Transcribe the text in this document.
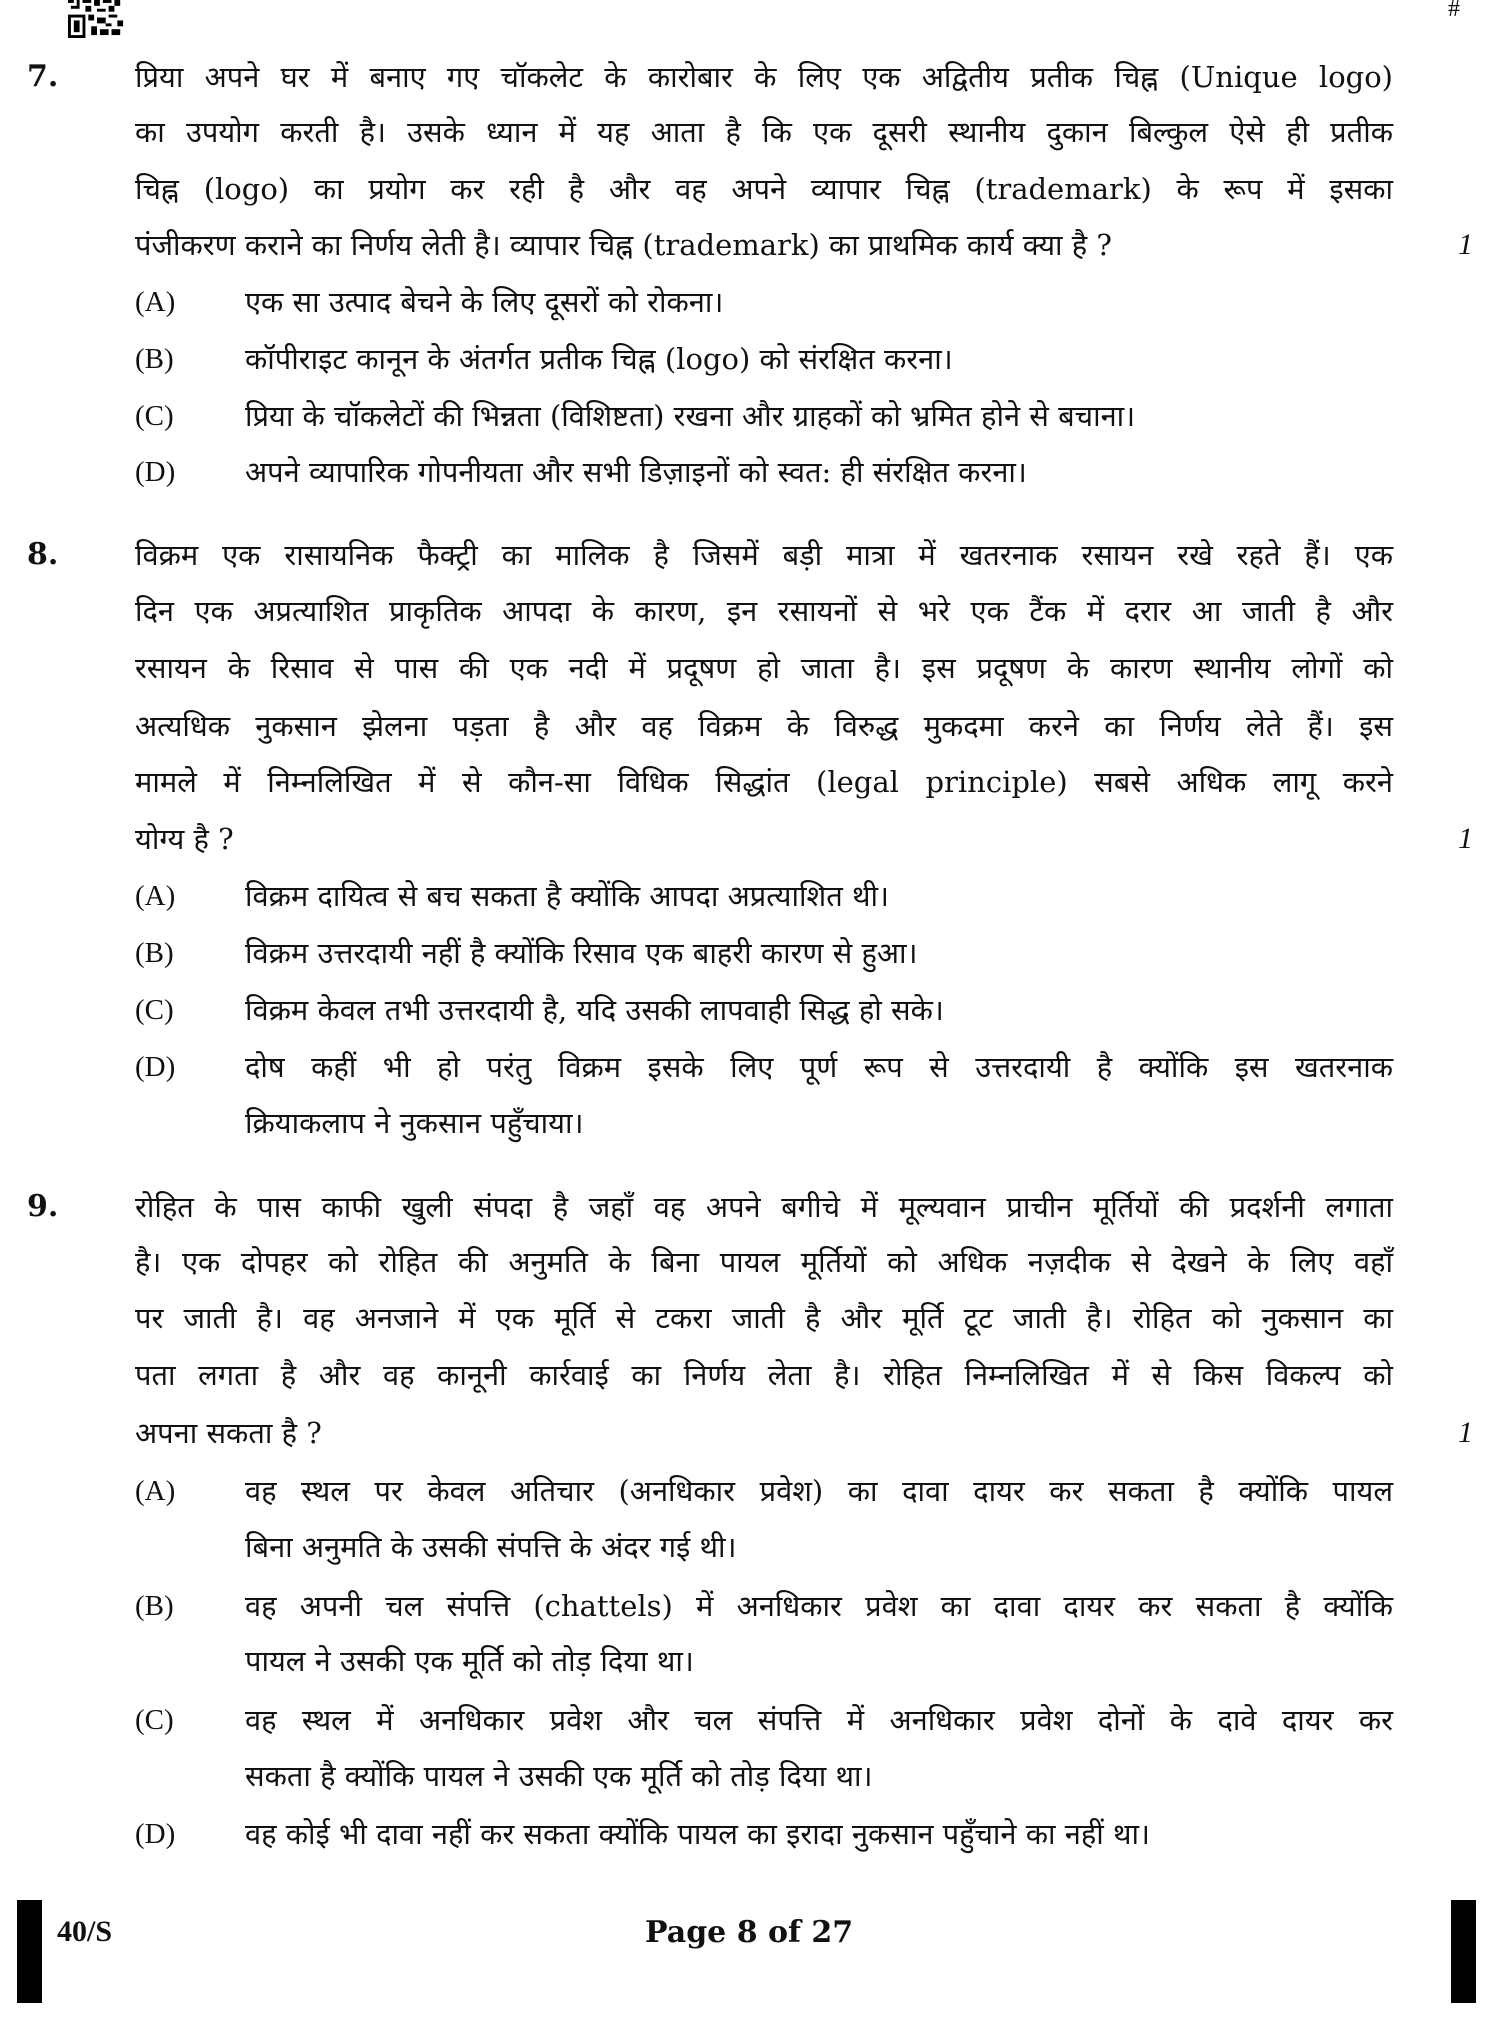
#
7.	प्रिया अपने घर में बनाए गए चॉकलेट के कारोबार के लिए एक अद्वितीय प्रतीक चिह्न (Unique logo)
का उपयोग करती है। उसके ध्यान में यह आता है कि एक दूसरी स्थानीय दुकान बिल्कुल ऐसे ही प्रतीक
चिह्न (logo) का प्रयोग कर रही है और वह अपने व्यापार चिह्न (trademark) के रूप में इसका
पंजीकरण कराने का निर्णय लेती है। व्यापार चिह्न (trademark) का प्राथमिक कार्य क्या है ?	1
(A) एक सा उत्पाद बेचने के लिए दूसरों को रोकना।
(B) कॉपीराइट कानून के अंतर्गत प्रतीक चिह्न (logo) को संरक्षित करना।
(C) प्रिया के चॉकलेटों की भिन्नता (विशिष्टता) रखना और ग्राहकों को भ्रमित होने से बचाना।
(D) अपने व्यापारिक गोपनीयता और सभी डिज़ाइनों को स्वत: ही संरक्षित करना।
8.	विक्रम एक रासायनिक फैक्ट्री का मालिक है जिसमें बड़ी मात्रा में खतरनाक रसायन रखे रहते हैं। एक
दिन एक अप्रत्याशित प्राकृतिक आपदा के कारण, इन रसायनों से भरे एक टैंक में दरार आ जाती है और
रसायन के रिसाव से पास की एक नदी में प्रदूषण हो जाता है। इस प्रदूषण के कारण स्थानीय लोगों को
अत्यधिक नुकसान झेलना पड़ता है और वह विक्रम के विरुद्ध मुकदमा करने का निर्णय लेते हैं। इस
मामले में निम्नलिखित में से कौन-सा विधिक सिद्धांत (legal principle) सबसे अधिक लागू करने
योग्य है ?	1
(A) विक्रम दायित्व से बच सकता है क्योंकि आपदा अप्रत्याशित थी।
(B) विक्रम उत्तरदायी नहीं है क्योंकि रिसाव एक बाहरी कारण से हुआ।
(C) विक्रम केवल तभी उत्तरदायी है, यदि उसकी लापवाही सिद्ध हो सके।
(D) दोष कहीं भी हो परंतु विक्रम इसके लिए पूर्ण रूप से उत्तरदायी है क्योंकि इस खतरनाक
क्रियाकलाप ने नुकसान पहुँचाया।
9.	रोहित के पास काफी खुली संपदा है जहाँ वह अपने बगीचे में मूल्यवान प्राचीन मूर्तियों की प्रदर्शनी लगाता
है। एक दोपहर को रोहित की अनुमति के बिना पायल मूर्तियों को अधिक नज़दीक से देखने के लिए वहाँ
पर जाती है। वह अनजाने में एक मूर्ति से टकरा जाती है और मूर्ति टूट जाती है। रोहित को नुकसान का
पता लगता है और वह कानूनी कार्रवाई का निर्णय लेता है। रोहित निम्नलिखित में से किस विकल्प को
अपना सकता है ?	1
(A) वह स्थल पर केवल अतिचार (अनधिकार प्रवेश) का दावा दायर कर सकता है क्योंकि पायल
बिना अनुमति के उसकी संपत्ति के अंदर गई थी।
(B) वह अपनी चल संपत्ति (chattels) में अनधिकार प्रवेश का दावा दायर कर सकता है क्योंकि
पायल ने उसकी एक मूर्ति को तोड़ दिया था।
(C) वह स्थल में अनधिकार प्रवेश और चल संपत्ति में अनधिकार प्रवेश दोनों के दावे दायर कर
सकता है क्योंकि पायल ने उसकी एक मूर्ति को तोड़ दिया था।
(D) वह कोई भी दावा नहीं कर सकता क्योंकि पायल का इरादा नुकसान पहुँचाने का नहीं था।
40/S	Page 8 of 27
